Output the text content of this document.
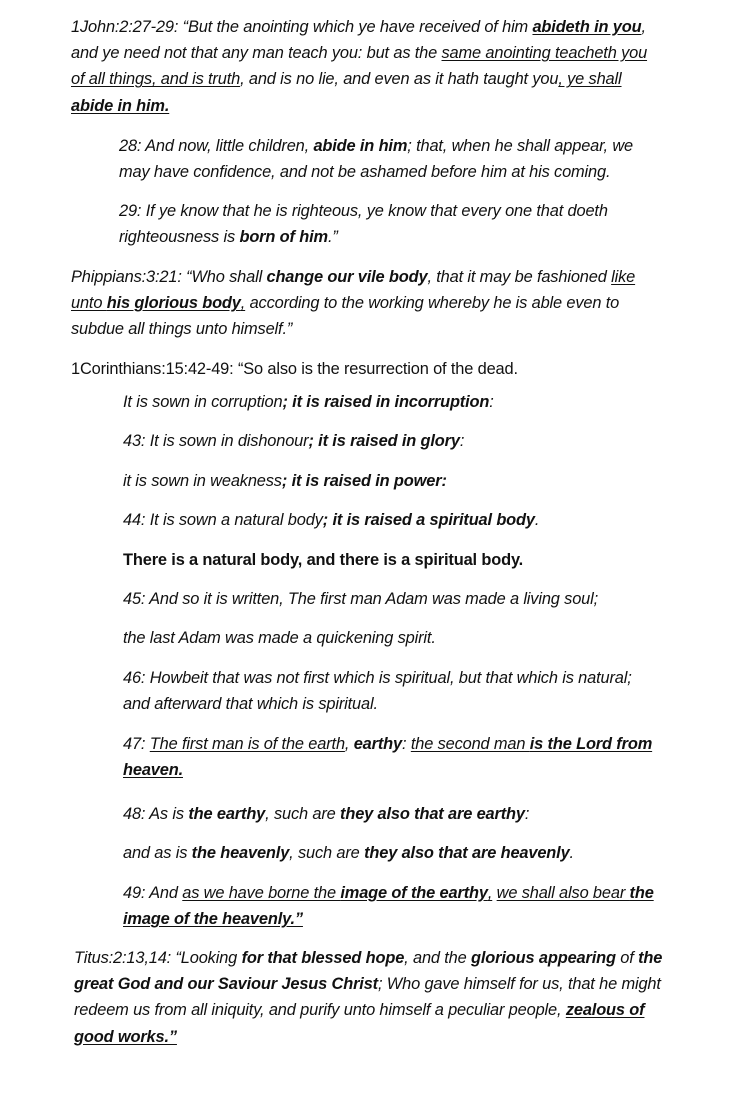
1John:2:27-29: “But the anointing which ye have received of him abideth in you,
and ye need not that any man teach you: but as the same anointing teacheth you
of all things, and is truth, and is no lie, and even as it hath taught you, ye shall
abide in him.
28: And now, little children, abide in him; that, when he shall appear, we
may have confidence, and not be ashamed before him at his coming.
29: If ye know that he is righteous, ye know that every one that doeth
righteousness is born of him.”
Phippians:3:21: “Who shall change our vile body, that it may be fashioned like
unto his glorious body, according to the working whereby he is able even to
subdue all things unto himself.”
1Corinthians:15:42-49: “So also is the resurrection of the dead.
It is sown in corruption; it is raised in incorruption:
43: It is sown in dishonour; it is raised in glory:
it is sown in weakness; it is raised in power:
44: It is sown a natural body; it is raised a spiritual body.
There is a natural body, and there is a spiritual body.
45: And so it is written, The first man Adam was made a living soul;
the last Adam was made a quickening spirit.
46: Howbeit that was not first which is spiritual, but that which is natural;
and afterward that which is spiritual.
47: The first man is of the earth, earthy: the second man is the Lord from
heaven.
48: As is the earthy, such are they also that are earthy:
and as is the heavenly, such are they also that are heavenly.
49: And as we have borne the image of the earthy, we shall also bear the
image of the heavenly.”
Titus:2:13,14: “Looking for that blessed hope, and the glorious appearing of the
great God and our Saviour Jesus Christ; Who gave himself for us, that he might
redeem us from all iniquity, and purify unto himself a peculiar people, zealous of
good works.”
